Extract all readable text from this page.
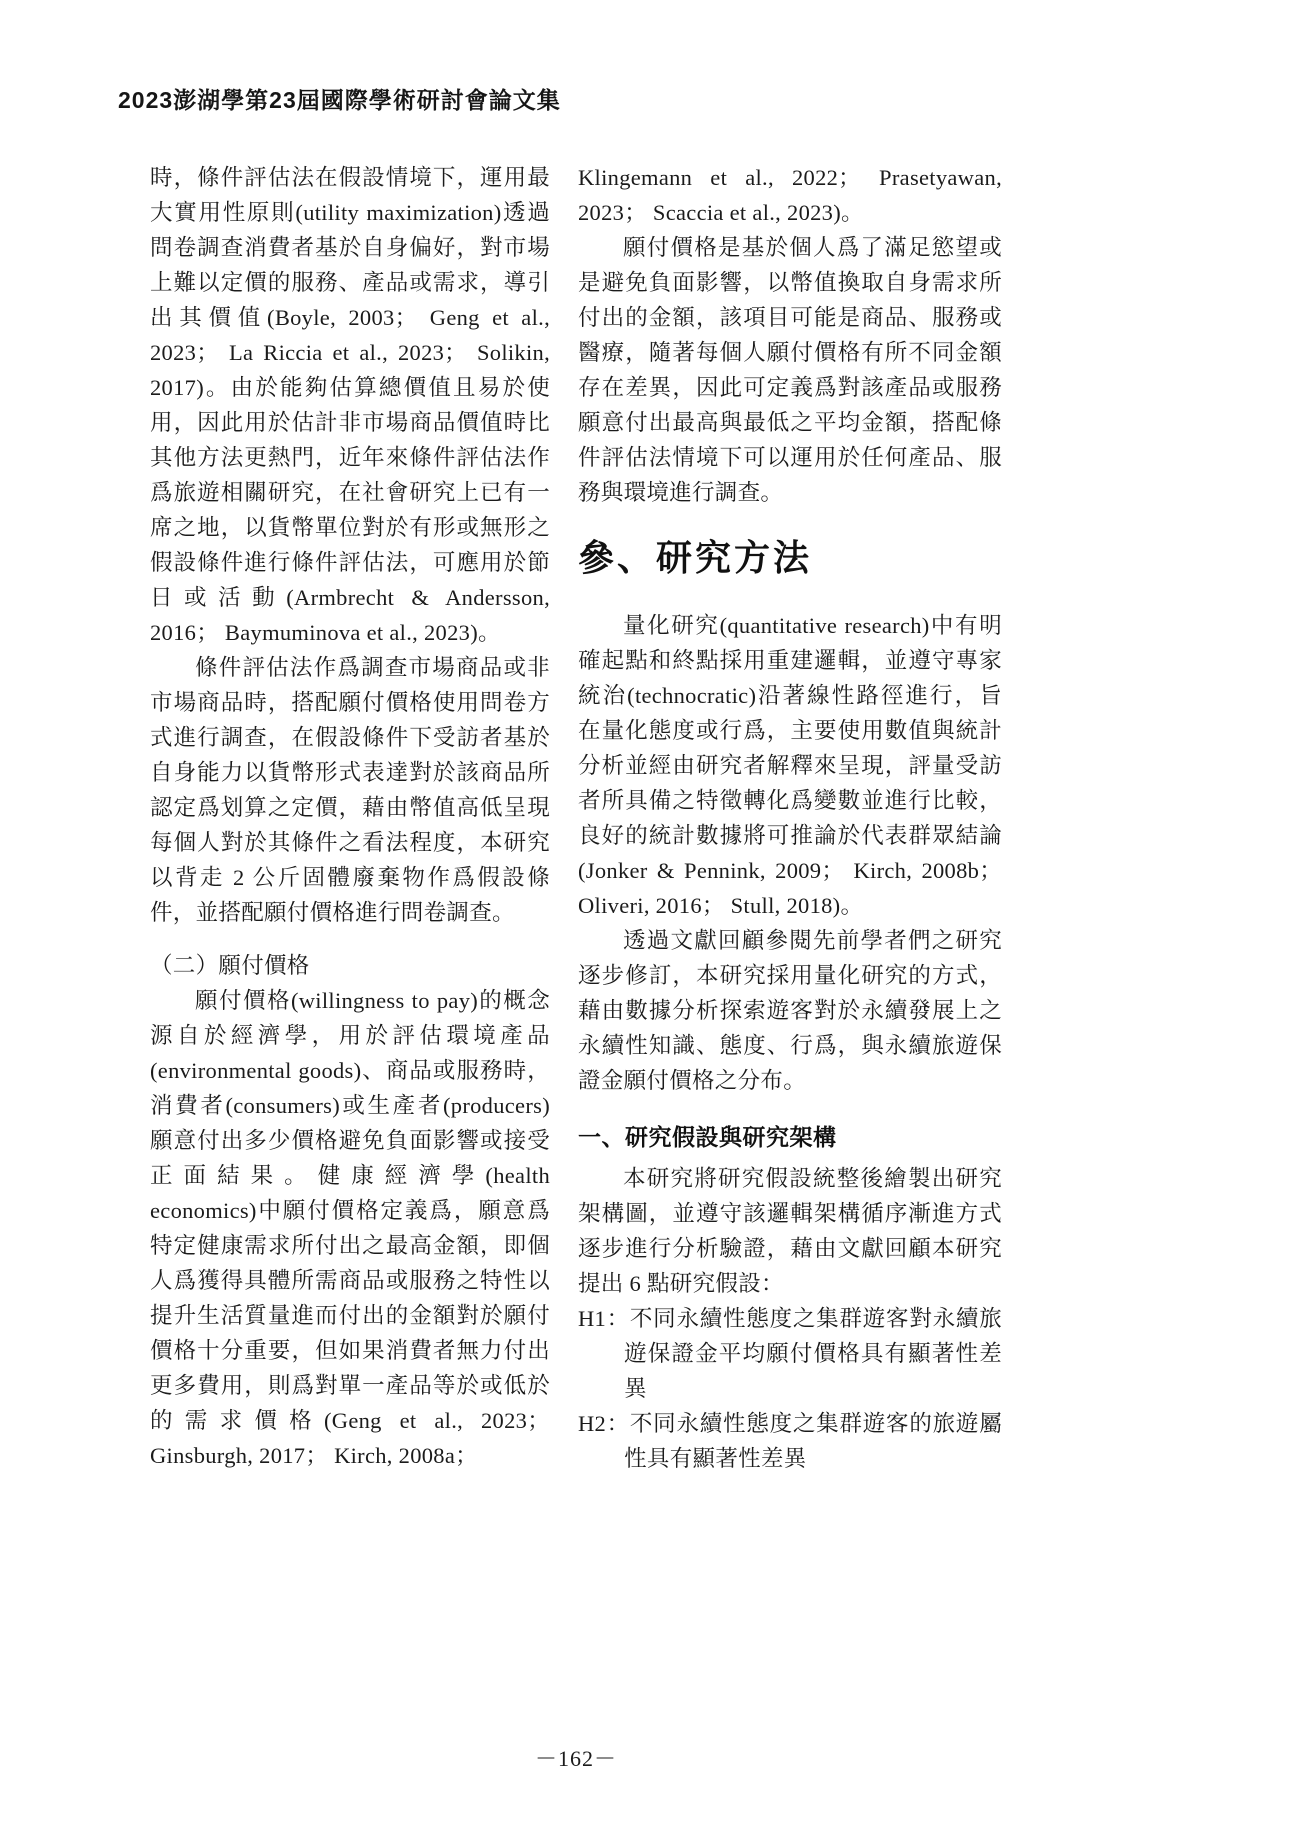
2023澎湖學第23屆國際學術研討會論文集

時，條件評估法在假設情境下，運用最大實用性原則(utility maximization)透過問卷調查消費者基於自身偏好，對市場上難以定價的服務、產品或需求，導引出其價值(Boyle, 2003； Geng et al., 2023； La Riccia et al., 2023； Solikin, 2017)。由於能夠估算總價值且易於使用，因此用於估計非市場商品價值時比其他方法更熱門，近年來條件評估法作爲旅遊相關研究，在社會研究上已有一席之地，以貨幣單位對於有形或無形之假設條件進行條件評估法，可應用於節日或活動(Armbrecht & Andersson, 2016； Baymuminova et al., 2023)。

條件評估法作爲調查市場商品或非市場商品時，搭配願付價格使用問卷方式進行調查，在假設條件下受訪者基於自身能力以貨幣形式表達對於該商品所認定爲划算之定價，藉由幣值高低呈現每個人對於其條件之看法程度，本研究以背走 2 公斤固體廢棄物作爲假設條件，並搭配願付價格進行問卷調查。

（二）願付價格

願付價格(willingness to pay)的概念源自於經濟學，用於評估環境產品(environmental goods)、商品或服務時，消費者(consumers)或生產者(producers)願意付出多少價格避免負面影響或接受正面結果。健康經濟學(health economics)中願付價格定義爲，願意爲特定健康需求所付出之最高金額，即個人爲獲得具體所需商品或服務之特性以提升生活質量進而付出的金額對於願付價格十分重要，但如果消費者無力付出更多費用，則爲對單一產品等於或低於的需求價格(Geng et al., 2023； Ginsburgh, 2017； Kirch, 2008a；

Klingemann et al., 2022； Prasetyawan, 2023； Scaccia et al., 2023)。

願付價格是基於個人爲了滿足慾望或是避免負面影響，以幣值換取自身需求所付出的金額，該項目可能是商品、服務或醫療，隨著每個人願付價格有所不同金額存在差異，因此可定義爲對該產品或服務願意付出最高與最低之平均金額，搭配條件評估法情境下可以運用於任何產品、服務與環境進行調查。

參、研究方法

量化研究(quantitative research)中有明確起點和終點採用重建邏輯，並遵守專家統治(technocratic)沿著線性路徑進行，旨在量化態度或行爲，主要使用數值與統計分析並經由研究者解釋來呈現，評量受訪者所具備之特徵轉化爲變數並進行比較，良好的統計數據將可推論於代表群眾結論(Jonker & Pennink, 2009； Kirch, 2008b； Oliveri, 2016； Stull, 2018)。

透過文獻回顧參閱先前學者們之研究逐步修訂，本研究採用量化研究的方式，藉由數據分析探索遊客對於永續發展上之永續性知識、態度、行爲，與永續旅遊保證金願付價格之分布。

一、研究假設與研究架構

本研究將研究假設統整後繪製出研究架構圖，並遵守該邏輯架構循序漸進方式逐步進行分析驗證，藉由文獻回顧本研究提出 6 點研究假設：

H1：不同永續性態度之集群遊客對永續旅遊保證金平均願付價格具有顯著性差異

H2：不同永續性態度之集群遊客的旅遊屬性具有顯著性差異

－162－
